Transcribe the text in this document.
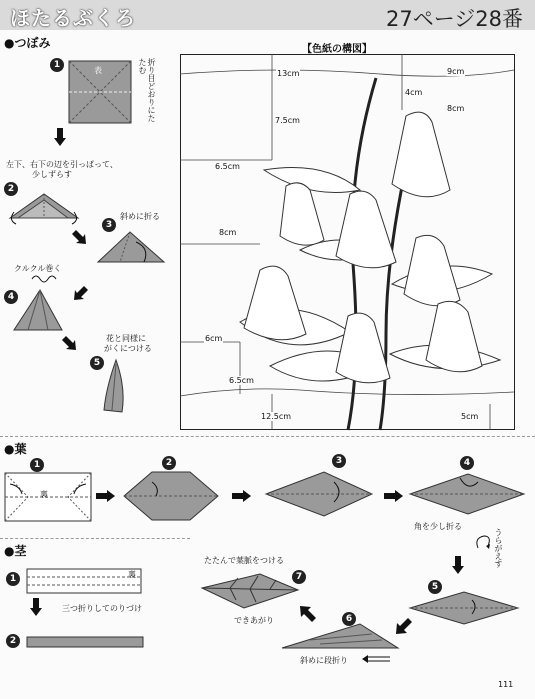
ほたるぶくろ	27ページ28番
●つぼみ
1
表	折り目どおりにたたむ
左下、右下の辺を引っぱって、
少しずらす
2
3
斜めに折る
クルクル巻く
4
花と同様に
がくにつける
5
【色紙の構図】
13cm	9cm
4cm
8cm
7.5cm
6.5cm
8cm
6cm
6.5cm
12.5cm	5cm
●葉
1
裏
2	3	4
角を少し折る
うらがえす
5
6
斜めに段折り
たたんで葉脈をつける
7
できあがり
●茎
1	裏
三つ折りしてのりづけ
2
111
